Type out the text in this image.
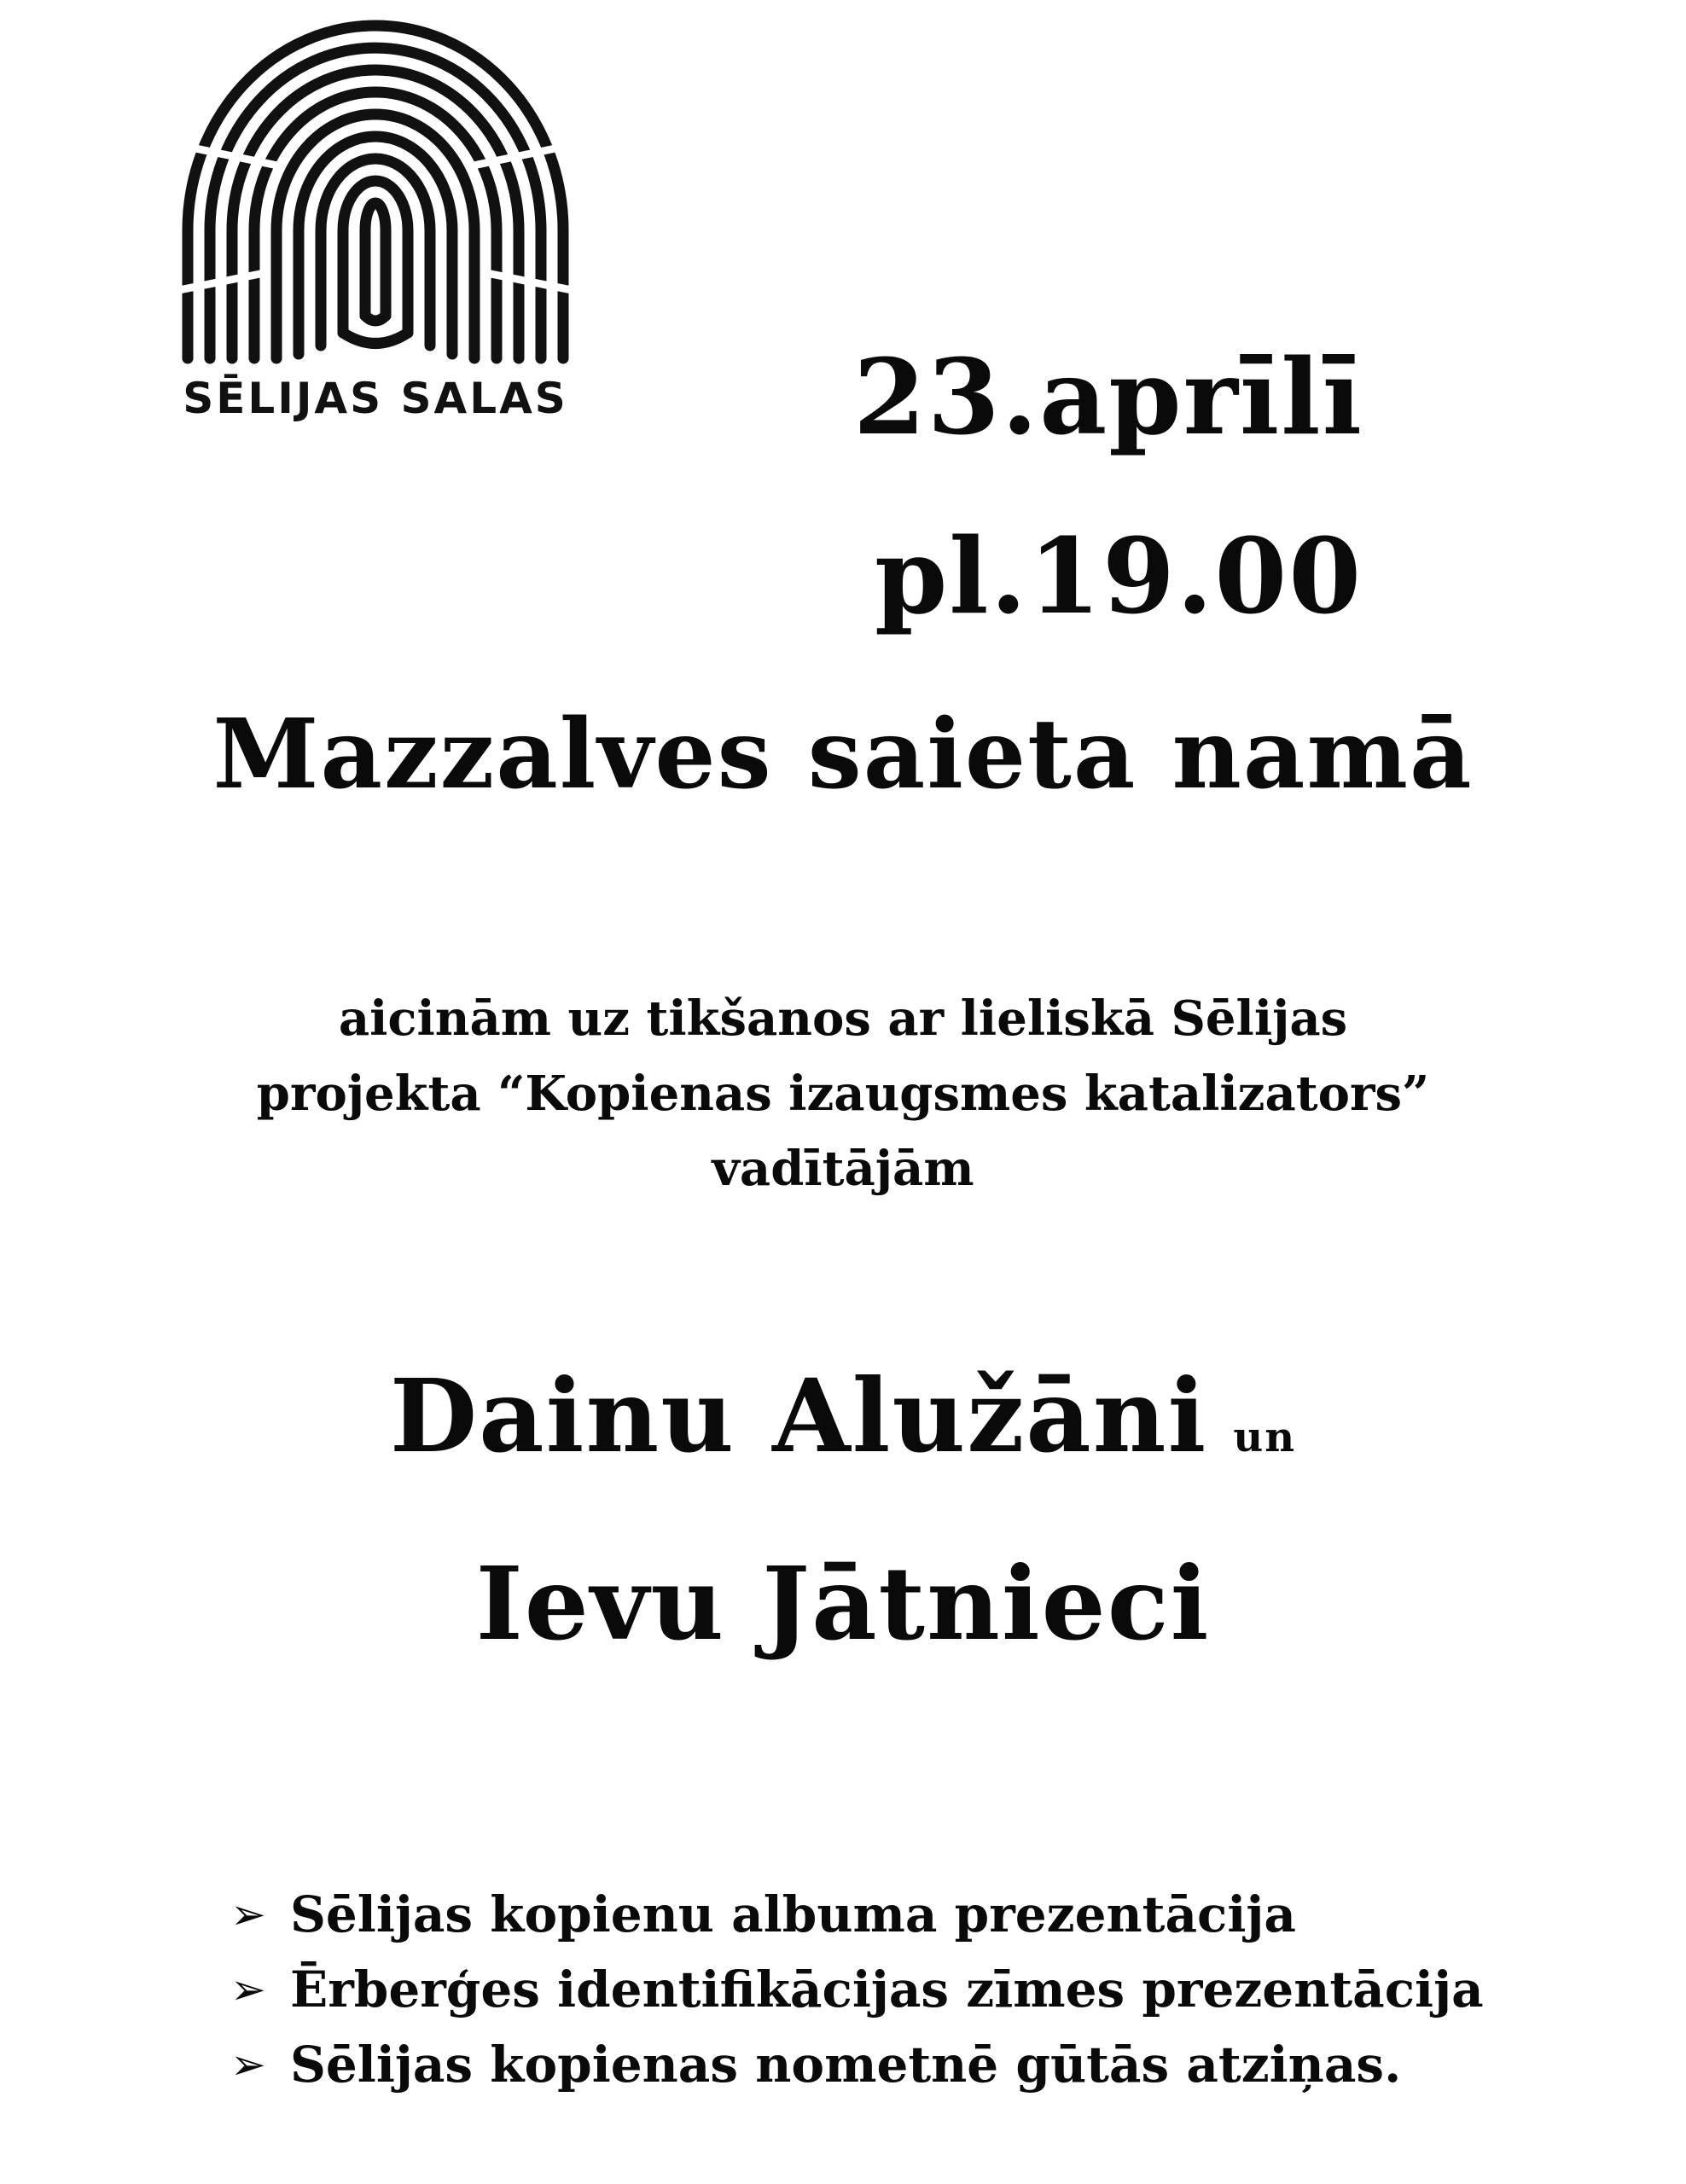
SĒLIJAS SALAS	23.aprīlī
pl.19.00
Mazzalves saieta namā
aicinām uz tikšanos ar lieliskā Sēlijas
projekta “Kopienas izaugsmes katalizators”
vadītājām
Dainu Alužāni un
Ievu Jātnieci
➢ Sēlijas kopienu albuma prezentācija
➢ Ērberģes identifikācijas zīmes prezentācija
➢ Sēlijas kopienas nometnē gūtās atziņas.
